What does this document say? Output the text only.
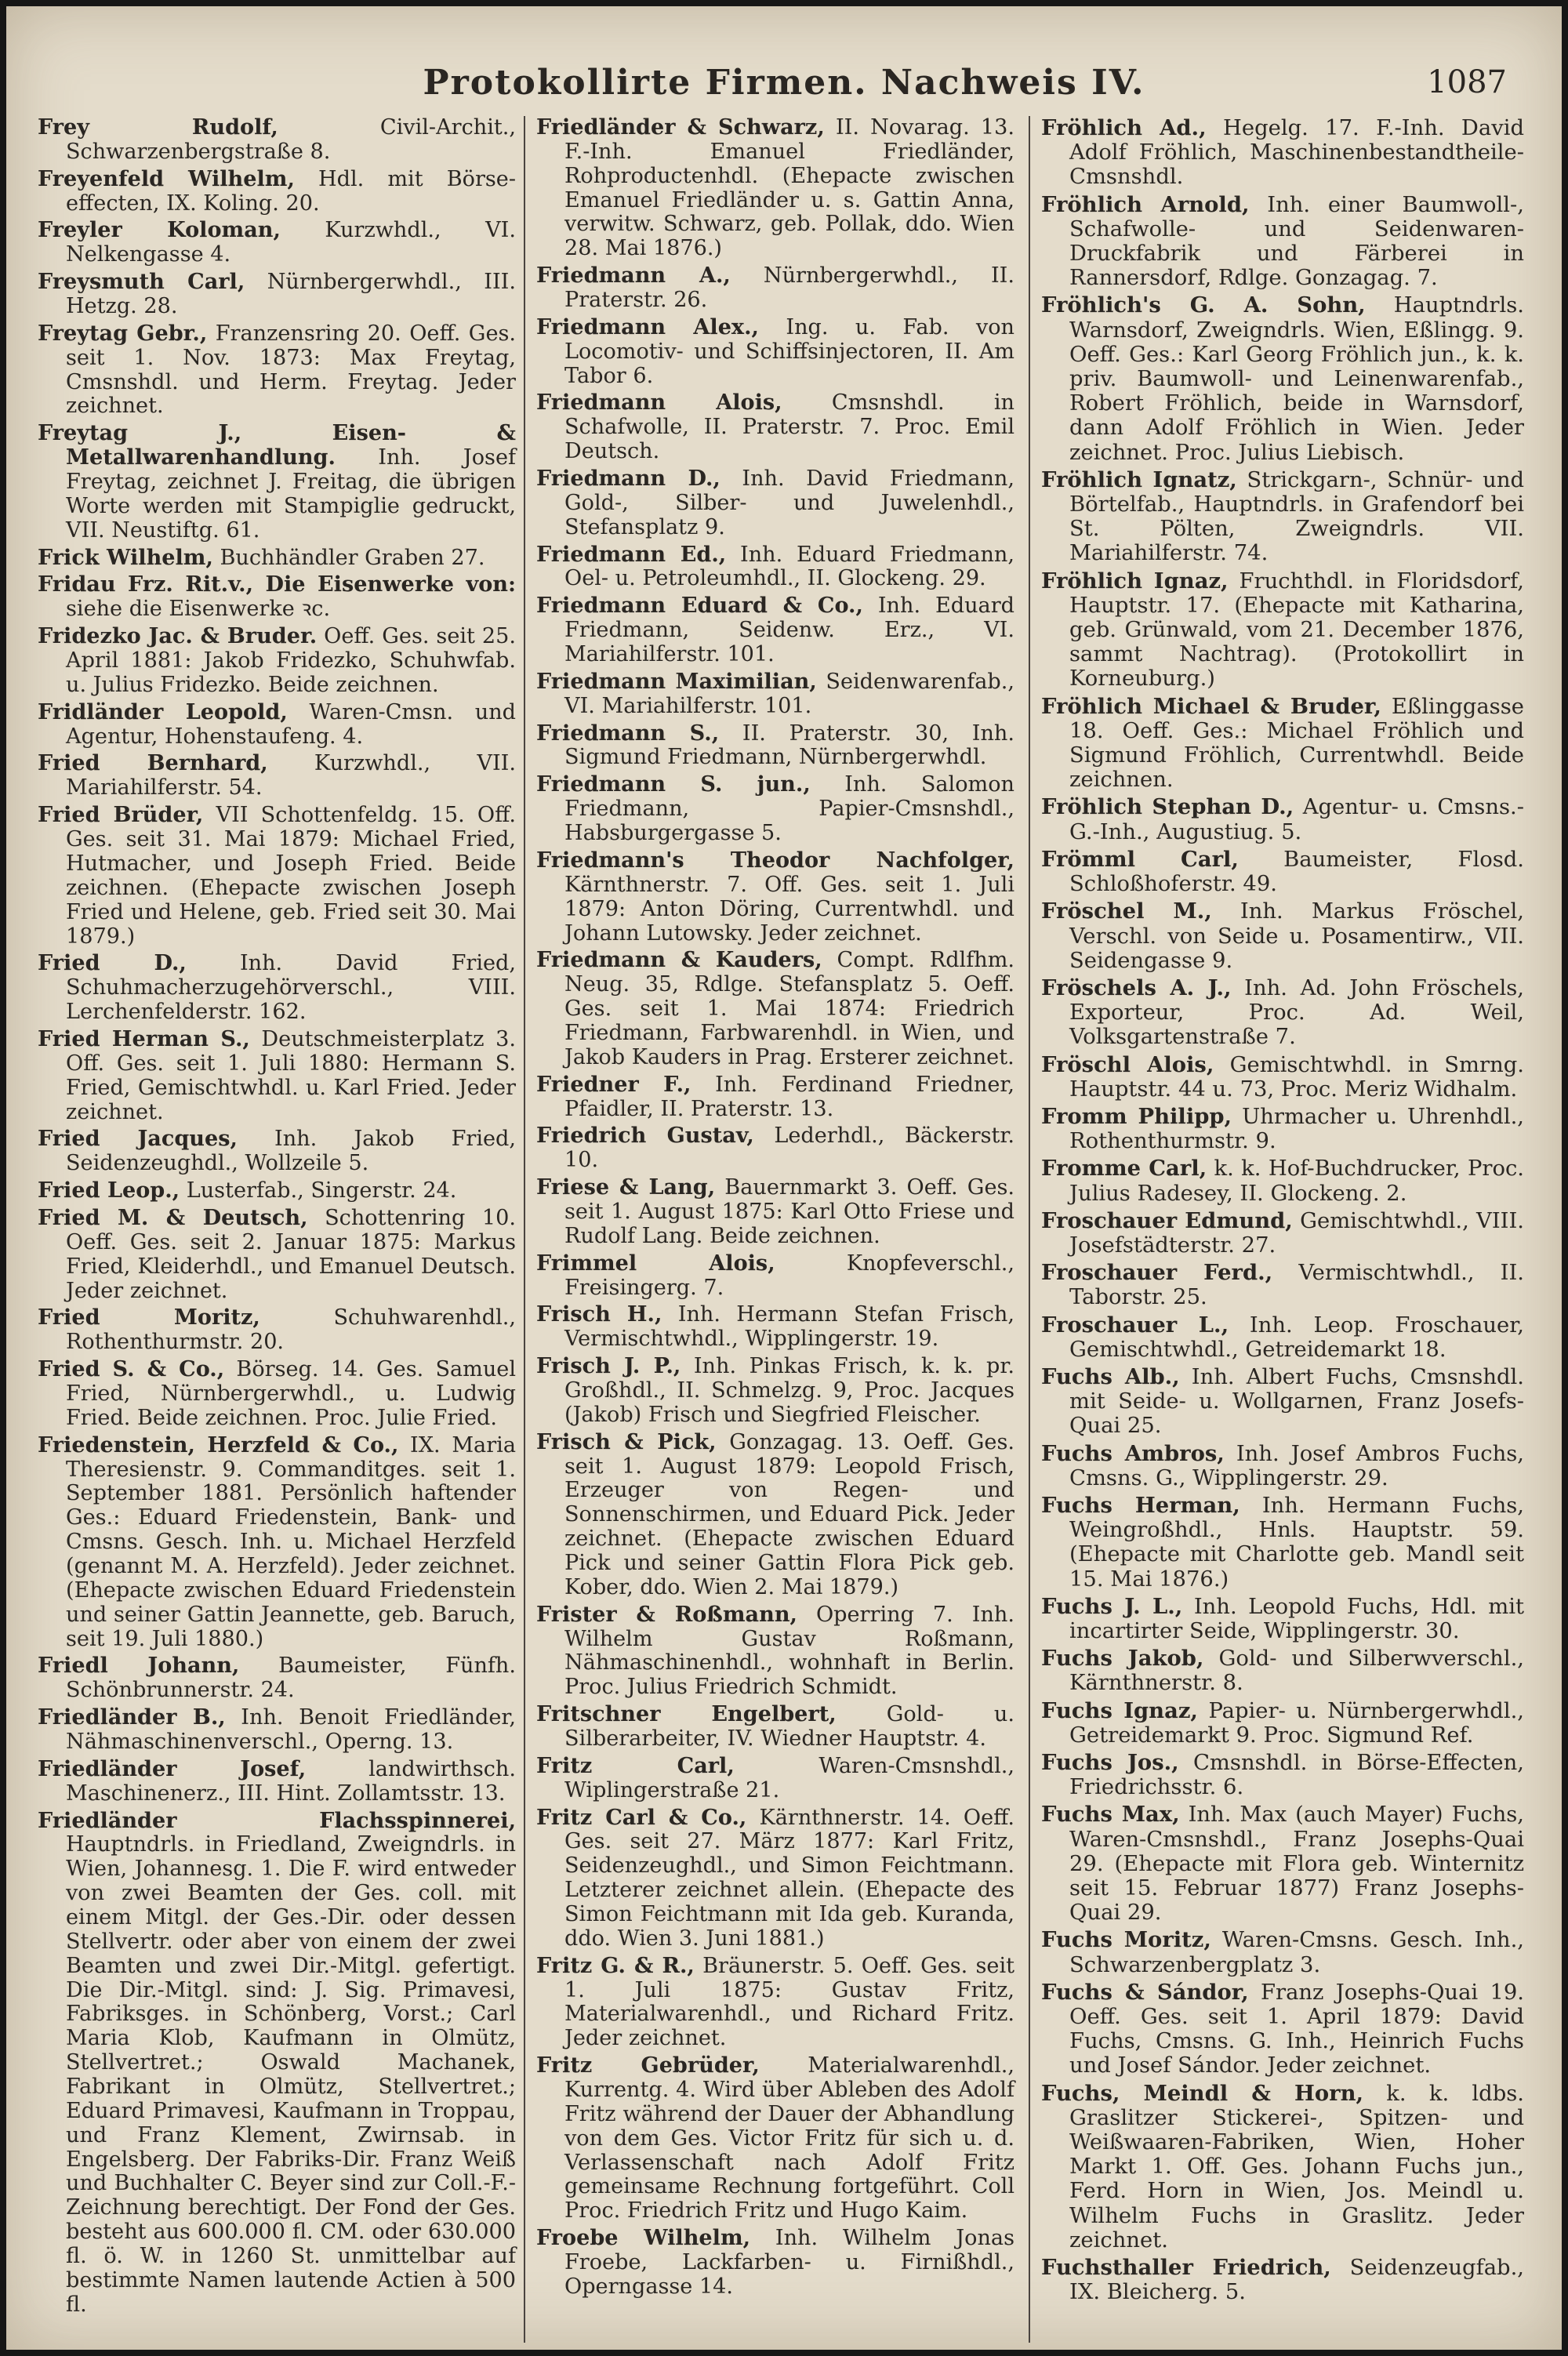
Protokollirte Firmen. Nachweis IV.	1087

Frey Rudolf, Civil-Archit., Schwarzenbergstraße 8.

Freyenfeld Wilhelm, Hdl. mit Börse-effecten, IX. Koling. 20.

Freyler Koloman, Kurzwhdl., VI. Nelkengasse 4.

Freysmuth Carl, Nürnbergerwhdl., III. Hetzg. 28.

Freytag Gebr., Franzensring 20. Oeff. Ges. seit 1. Nov. 1873: Max Freytag, Cmsnshdl. und Herm. Freytag. Jeder zeichnet.

Freytag J., Eisen- & Metallwarenhandlung. Inh. Josef Freytag, zeichnet J. Freitag, die übrigen Worte werden mit Stampiglie gedruckt, VII. Neustiftg. 61.

Frick Wilhelm, Buchhändler Graben 27.

Fridau Frz. Rit.v., Die Eisenwerke von: siehe die Eisenwerke ꝛc.

Fridezko Jac. & Bruder. Oeff. Ges. seit 25. April 1881: Jakob Fridezko, Schuhwfab. u. Julius Fridezko. Beide zeichnen.

Fridländer Leopold, Waren-Cmsn. und Agentur, Hohenstaufeng. 4.

Fried Bernhard, Kurzwhdl., VII. Mariahilferstr. 54.

Fried Brüder, VII Schottenfeldg. 15. Off. Ges. seit 31. Mai 1879: Michael Fried, Hutmacher, und Joseph Fried. Beide zeichnen. (Ehepacte zwischen Joseph Fried und Helene, geb. Fried seit 30. Mai 1879.)

Fried D., Inh. David Fried, Schuhmacherzugehörverschl., VIII. Lerchenfelderstr. 162.

Fried Herman S., Deutschmeisterplatz 3. Off. Ges. seit 1. Juli 1880: Hermann S. Fried, Gemischtwhdl. u. Karl Fried. Jeder zeichnet.

Fried Jacques, Inh. Jakob Fried, Seidenzeughdl., Wollzeile 5.

Fried Leop., Lusterfab., Singerstr. 24.

Fried M. & Deutsch, Schottenring 10. Oeff. Ges. seit 2. Januar 1875: Markus Fried, Kleiderhdl., und Emanuel Deutsch. Jeder zeichnet.

Fried Moritz, Schuhwarenhdl., Rothenthurmstr. 20.

Fried S. & Co., Börseg. 14. Ges. Samuel Fried, Nürnbergerwhdl., u. Ludwig Fried. Beide zeichnen. Proc. Julie Fried.

Friedenstein, Herzfeld & Co., IX. Maria Theresienstr. 9. Commanditges. seit 1. September 1881. Persönlich haftender Ges.: Eduard Friedenstein, Bank- und Cmsns. Gesch. Inh. u. Michael Herzfeld (genannt M. A. Herzfeld). Jeder zeichnet. (Ehepacte zwischen Eduard Friedenstein und seiner Gattin Jeannette, geb. Baruch, seit 19. Juli 1880.)

Friedl Johann, Baumeister, Fünfh. Schönbrunnerstr. 24.

Friedländer B., Inh. Benoit Friedländer, Nähmaschinenverschl., Operng. 13.

Friedländer Josef, landwirthsch. Maschinenerz., III. Hint. Zollamtsstr. 13.

Friedländer Flachsspinnerei, Hauptndrls. in Friedland, Zweigndrls. in Wien, Johannesg. 1. Die F. wird entweder von zwei Beamten der Ges. coll. mit einem Mitgl. der Ges.-Dir. oder dessen Stellvertr. oder aber von einem der zwei Beamten und zwei Dir.-Mitgl. gefertigt. Die Dir.-Mitgl. sind: J. Sig. Primavesi, Fabriksges. in Schönberg, Vorst.; Carl Maria Klob, Kaufmann in Olmütz, Stellvertret.; Oswald Machanek, Fabrikant in Olmütz, Stellvertret.; Eduard Primavesi, Kaufmann in Troppau, und Franz Klement, Zwirnsab. in Engelsberg. Der Fabriks-Dir. Franz Weiß und Buchhalter C. Beyer sind zur Coll.-F.-Zeichnung berechtigt. Der Fond der Ges. besteht aus 600.000 fl. CM. oder 630.000 fl. ö. W. in 1260 St. unmittelbar auf bestimmte Namen lautende Actien à 500 fl.

Friedländer & Schwarz, II. Novarag. 13. F.-Inh. Emanuel Friedländer, Rohproductenhdl. (Ehepacte zwischen Emanuel Friedländer u. s. Gattin Anna, verwitw. Schwarz, geb. Pollak, ddo. Wien 28. Mai 1876.)

Friedmann A., Nürnbergerwhdl., II. Praterstr. 26.

Friedmann Alex., Ing. u. Fab. von Locomotiv- und Schiffsinjectoren, II. Am Tabor 6.

Friedmann Alois, Cmsnshdl. in Schafwolle, II. Praterstr. 7. Proc. Emil Deutsch.

Friedmann D., Inh. David Friedmann, Gold-, Silber- und Juwelenhdl., Stefansplatz 9.

Friedmann Ed., Inh. Eduard Friedmann, Oel- u. Petroleumhdl., II. Glockeng. 29.

Friedmann Eduard & Co., Inh. Eduard Friedmann, Seidenw. Erz., VI. Mariahilferstr. 101.

Friedmann Maximilian, Seidenwarenfab., VI. Mariahilferstr. 101.

Friedmann S., II. Praterstr. 30, Inh. Sigmund Friedmann, Nürnbergerwhdl.

Friedmann S. jun., Inh. Salomon Friedmann, Papier-Cmsnshdl., Habsburgergasse 5.

Friedmann's Theodor Nachfolger, Kärnthnerstr. 7. Off. Ges. seit 1. Juli 1879: Anton Döring, Currentwhdl. und Johann Lutowsky. Jeder zeichnet.

Friedmann & Kauders, Compt. Rdlfhm. Neug. 35, Rdlge. Stefansplatz 5. Oeff. Ges. seit 1. Mai 1874: Friedrich Friedmann, Farbwarenhdl. in Wien, und Jakob Kauders in Prag. Ersterer zeichnet.

Friedner F., Inh. Ferdinand Friedner, Pfaidler, II. Praterstr. 13.

Friedrich Gustav, Lederhdl., Bäckerstr. 10.

Friese & Lang, Bauernmarkt 3. Oeff. Ges. seit 1. August 1875: Karl Otto Friese und Rudolf Lang. Beide zeichnen.

Frimmel Alois, Knopfeverschl., Freisingerg. 7.

Frisch H., Inh. Hermann Stefan Frisch, Vermischtwhdl., Wipplingerstr. 19.

Frisch J. P., Inh. Pinkas Frisch, k. k. pr. Großhdl., II. Schmelzg. 9, Proc. Jacques (Jakob) Frisch und Siegfried Fleischer.

Frisch & Pick, Gonzagag. 13. Oeff. Ges. seit 1. August 1879: Leopold Frisch, Erzeuger von Regen- und Sonnenschirmen, und Eduard Pick. Jeder zeichnet. (Ehepacte zwischen Eduard Pick und seiner Gattin Flora Pick geb. Kober, ddo. Wien 2. Mai 1879.)

Frister & Roßmann, Operring 7. Inh. Wilhelm Gustav Roßmann, Nähmaschinenhdl., wohnhaft in Berlin. Proc. Julius Friedrich Schmidt.

Fritschner Engelbert, Gold- u. Silberarbeiter, IV. Wiedner Hauptstr. 4.

Fritz Carl, Waren-Cmsnshdl., Wiplingerstraße 21.

Fritz Carl & Co., Kärnthnerstr. 14. Oeff. Ges. seit 27. März 1877: Karl Fritz, Seidenzeughdl., und Simon Feichtmann. Letzterer zeichnet allein. (Ehepacte des Simon Feichtmann mit Ida geb. Kuranda, ddo. Wien 3. Juni 1881.)

Fritz G. & R., Bräunerstr. 5. Oeff. Ges. seit 1. Juli 1875: Gustav Fritz, Materialwarenhdl., und Richard Fritz. Jeder zeichnet.

Fritz Gebrüder, Materialwarenhdl., Kurrentg. 4. Wird über Ableben des Adolf Fritz während der Dauer der Abhandlung von dem Ges. Victor Fritz für sich u. d. Verlassenschaft nach Adolf Fritz gemeinsame Rechnung fortgeführt. Coll Proc. Friedrich Fritz und Hugo Kaim.

Froebe Wilhelm, Inh. Wilhelm Jonas Froebe, Lackfarben- u. Firnißhdl., Operngasse 14.

Fröhlich Ad., Hegelg. 17. F.-Inh. David Adolf Fröhlich, Maschinenbestandtheile-Cmsnshdl.

Fröhlich Arnold, Inh. einer Baumwoll-, Schafwolle- und Seidenwaren-Druckfabrik und Färberei in Rannersdorf, Rdlge. Gonzagag. 7.

Fröhlich's G. A. Sohn, Hauptndrls. Warnsdorf, Zweigndrls. Wien, Eßlingg. 9. Oeff. Ges.: Karl Georg Fröhlich jun., k. k. priv. Baumwoll- und Leinenwarenfab., Robert Fröhlich, beide in Warnsdorf, dann Adolf Fröhlich in Wien. Jeder zeichnet. Proc. Julius Liebisch.

Fröhlich Ignatz, Strickgarn-, Schnür- und Börtelfab., Hauptndrls. in Grafendorf bei St. Pölten, Zweigndrls. VII. Mariahilferstr. 74.

Fröhlich Ignaz, Fruchthdl. in Floridsdorf, Hauptstr. 17. (Ehepacte mit Katharina, geb. Grünwald, vom 21. December 1876, sammt Nachtrag). (Protokollirt in Korneuburg.)

Fröhlich Michael & Bruder, Eßlinggasse 18. Oeff. Ges.: Michael Fröhlich und Sigmund Fröhlich, Currentwhdl. Beide zeichnen.

Fröhlich Stephan D., Agentur- u. Cmsns.-G.-Inh., Augustiug. 5.

Frömml Carl, Baumeister, Flosd. Schloßhoferstr. 49.

Fröschel M., Inh. Markus Fröschel, Verschl. von Seide u. Posamentirw., VII. Seidengasse 9.

Fröschels A. J., Inh. Ad. John Fröschels, Exporteur, Proc. Ad. Weil, Volksgartenstraße 7.

Fröschl Alois, Gemischtwhdl. in Smrng. Hauptstr. 44 u. 73, Proc. Meriz Widhalm.

Fromm Philipp, Uhrmacher u. Uhrenhdl., Rothenthurmstr. 9.

Fromme Carl, k. k. Hof-Buchdrucker, Proc. Julius Radesey, II. Glockeng. 2.

Froschauer Edmund, Gemischtwhdl., VIII. Josefstädterstr. 27.

Froschauer Ferd., Vermischtwhdl., II. Taborstr. 25.

Froschauer L., Inh. Leop. Froschauer, Gemischtwhdl., Getreidemarkt 18.

Fuchs Alb., Inh. Albert Fuchs, Cmsnshdl. mit Seide- u. Wollgarnen, Franz Josefs-Quai 25.

Fuchs Ambros, Inh. Josef Ambros Fuchs, Cmsns. G., Wipplingerstr. 29.

Fuchs Herman, Inh. Hermann Fuchs, Weingroßhdl., Hnls. Hauptstr. 59. (Ehepacte mit Charlotte geb. Mandl seit 15. Mai 1876.)

Fuchs J. L., Inh. Leopold Fuchs, Hdl. mit incartirter Seide, Wipplingerstr. 30.

Fuchs Jakob, Gold- und Silberwverschl., Kärnthnerstr. 8.

Fuchs Ignaz, Papier- u. Nürnbergerwhdl., Getreidemarkt 9. Proc. Sigmund Ref.

Fuchs Jos., Cmsnshdl. in Börse-Effecten, Friedrichsstr. 6.

Fuchs Max, Inh. Max (auch Mayer) Fuchs, Waren-Cmsnshdl., Franz Josephs-Quai 29. (Ehepacte mit Flora geb. Winternitz seit 15. Februar 1877) Franz Josephs-Quai 29.

Fuchs Moritz, Waren-Cmsns. Gesch. Inh., Schwarzenbergplatz 3.

Fuchs & Sándor, Franz Josephs-Quai 19. Oeff. Ges. seit 1. April 1879: David Fuchs, Cmsns. G. Inh., Heinrich Fuchs und Josef Sándor. Jeder zeichnet.

Fuchs, Meindl & Horn, k. k. ldbs. Graslitzer Stickerei-, Spitzen- und Weißwaaren-Fabriken, Wien, Hoher Markt 1. Off. Ges. Johann Fuchs jun., Ferd. Horn in Wien, Jos. Meindl u. Wilhelm Fuchs in Graslitz. Jeder zeichnet.

Fuchsthaller Friedrich, Seidenzeugfab., IX. Bleicherg. 5.
